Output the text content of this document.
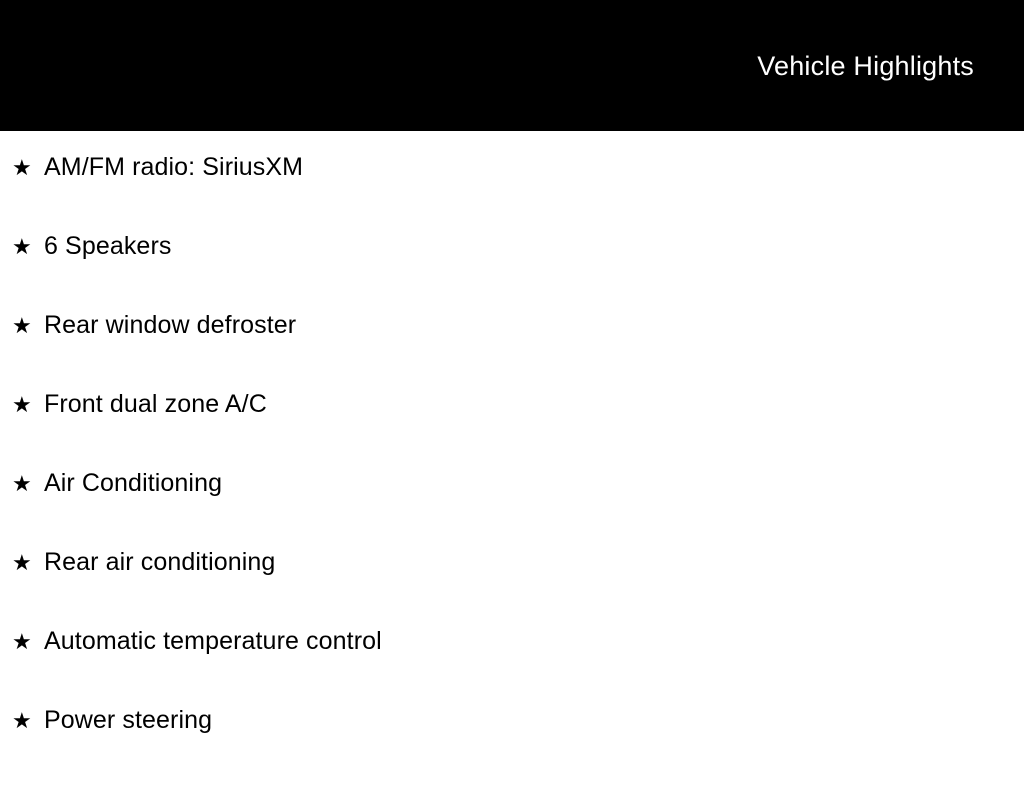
Vehicle Highlights
★ AM/FM radio: SiriusXM
★ 6 Speakers
★ Rear window defroster
★ Front dual zone A/C
★ Air Conditioning
★ Rear air conditioning
★ Automatic temperature control
★ Power steering
